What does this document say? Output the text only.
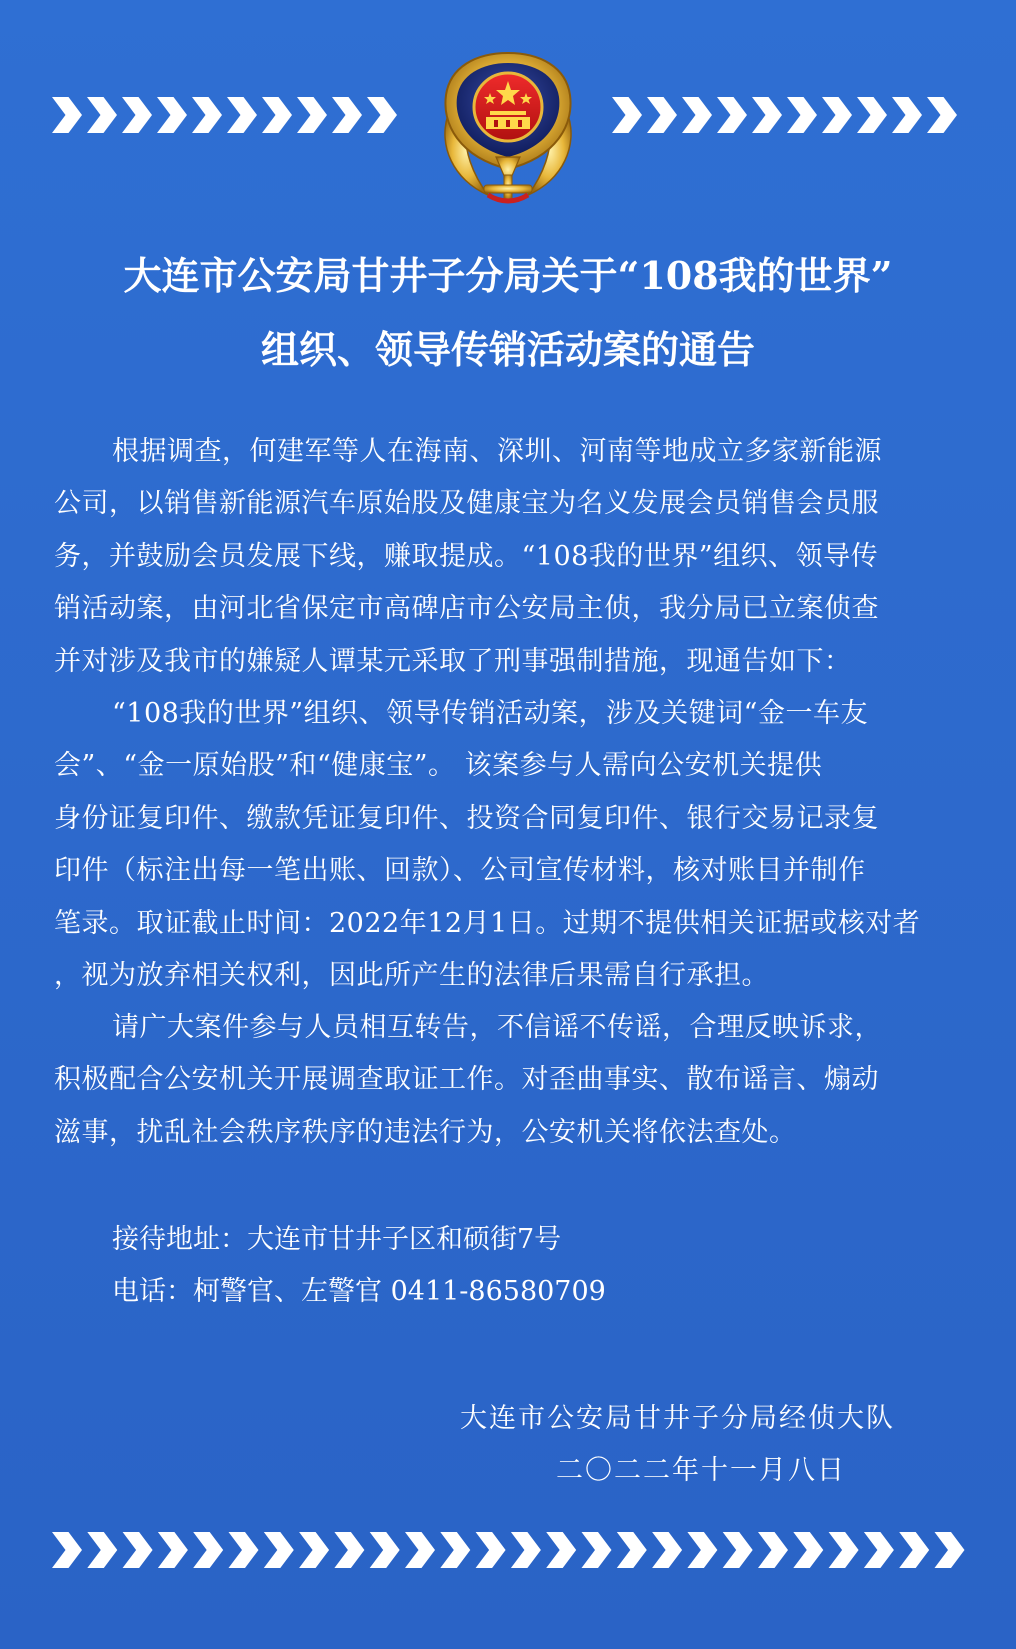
大连市公安局甘井子分局关于“108我的世界”
组织、领导传销活动案的通告
根据调查，何建军等人在海南、深圳、河南等地成立多家新能源
公司，以销售新能源汽车原始股及健康宝为名义发展会员销售会员服
务，并鼓励会员发展下线，赚取提成。“108我的世界”组织、领导传
销活动案，由河北省保定市高碑店市公安局主侦，我分局已立案侦查
并对涉及我市的嫌疑人谭某元采取了刑事强制措施，现通告如下：
“108我的世界”组织、领导传销活动案，涉及关键词“金一车友
会”、“金一原始股”和“健康宝”。 该案参与人需向公安机关提供
身份证复印件、缴款凭证复印件、投资合同复印件、银行交易记录复
印件（标注出每一笔出账、回款）、公司宣传材料，核对账目并制作
笔录。取证截止时间：2022年12月1日。过期不提供相关证据或核对者
，视为放弃相关权利，因此所产生的法律后果需自行承担。
请广大案件参与人员相互转告，不信谣不传谣，合理反映诉求，
积极配合公安机关开展调查取证工作。对歪曲事实、散布谣言、煽动
滋事，扰乱社会秩序秩序的违法行为，公安机关将依法查处。
接待地址：大连市甘井子区和硕街7号
电话：柯警官、左警官 0411-86580709
大连市公安局甘井子分局经侦大队
二〇二二年十一月八日
